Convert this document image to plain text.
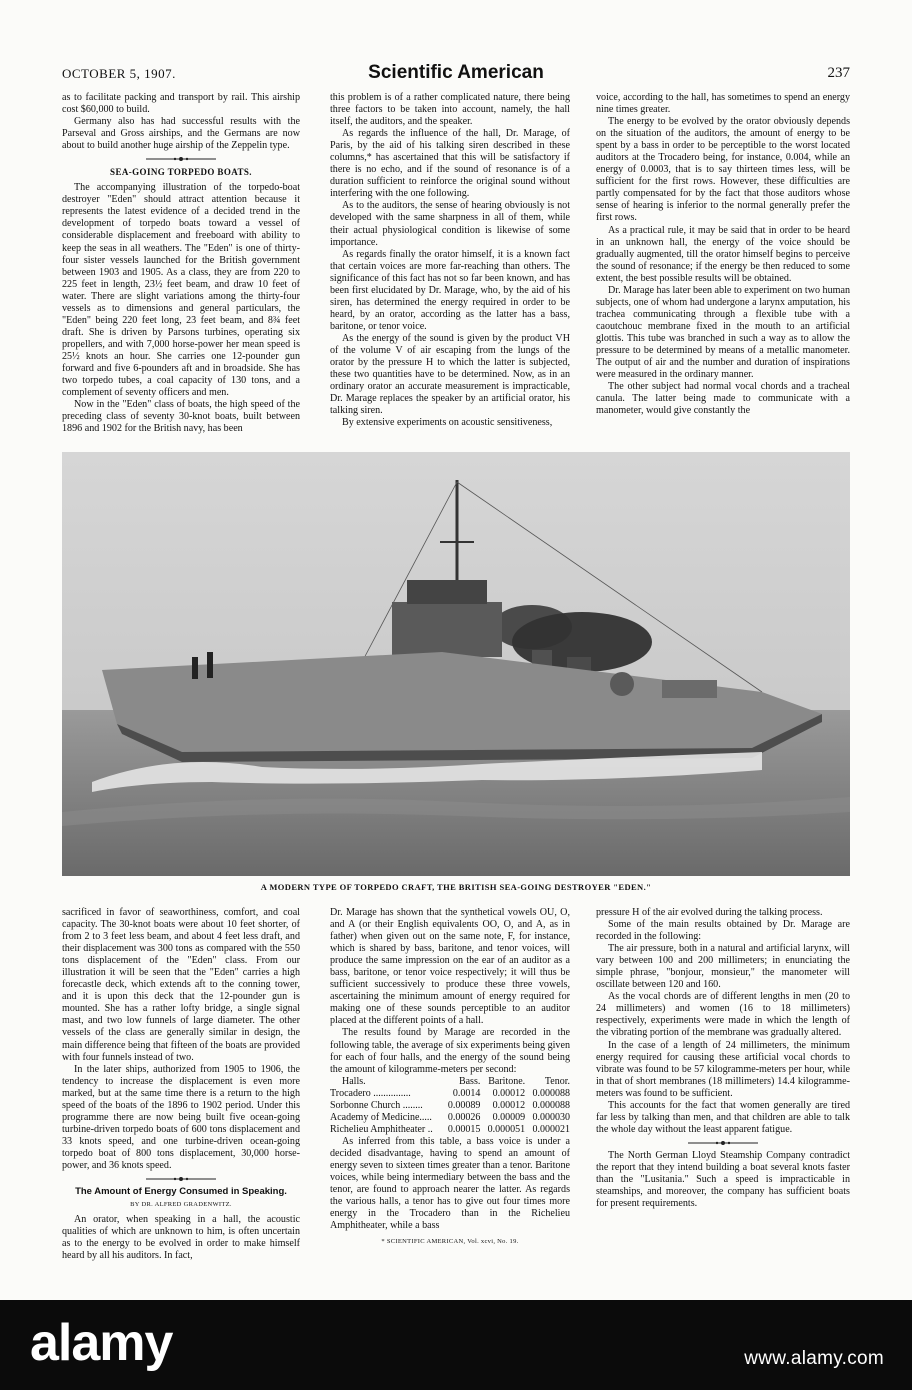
OCTOBER 5, 1907.	Scientific American	237

as to facilitate packing and transport by rail. This airship cost $60,000 to build.

Germany also has had successful results with the Parseval and Gross airships, and the Germans are now about to build another huge airship of the Zeppelin type.

SEA-GOING TORPEDO BOATS.

The accompanying illustration of the torpedo-boat destroyer "Eden" should attract attention because it represents the latest evidence of a decided trend in the development of torpedo boats toward a vessel of considerable displacement and freeboard with ability to keep the seas in all weathers. The "Eden" is one of thirty-four sister vessels launched for the British government between 1903 and 1905. As a class, they are from 220 to 225 feet in length, 23½ feet beam, and draw 10 feet of water. There are slight variations among the thirty-four vessels as to dimensions and general particulars, the "Eden" being 220 feet long, 23 feet beam, and 8¾ feet draft. She is driven by Parsons turbines, operating six propellers, and with 7,000 horse-power her mean speed is 25½ knots an hour. She carries one 12-pounder gun forward and five 6-pounders aft and in broadside. She has two torpedo tubes, a coal capacity of 130 tons, and a complement of seventy officers and men.

Now in the "Eden" class of boats, the high speed of the preceding class of seventy 30-knot boats, built between 1896 and 1902 for the British navy, has been

this problem is of a rather complicated nature, there being three factors to be taken into account, namely, the hall itself, the auditors, and the speaker.

As regards the influence of the hall, Dr. Marage, of Paris, by the aid of his talking siren described in these columns,* has ascertained that this will be satisfactory if there is no echo, and if the sound of resonance is of a duration sufficient to reinforce the original sound without interfering with the one following.

As to the auditors, the sense of hearing obviously is not developed with the same sharpness in all of them, while their actual physiological condition is likewise of some importance.

As regards finally the orator himself, it is a known fact that certain voices are more far-reaching than others. The significance of this fact has not so far been known, and has been first elucidated by Dr. Marage, who, by the aid of his siren, has determined the energy required in order to be heard, by an orator, according as the latter has a bass, baritone, or tenor voice.

As the energy of the sound is given by the product VH of the volume V of air escaping from the lungs of the orator by the pressure H to which the latter is subjected, these two quantities have to be determined. Now, as in an ordinary orator an accurate measurement is impracticable, Dr. Marage replaces the speaker by an artificial orator, his talking siren.

By extensive experiments on acoustic sensitiveness,

voice, according to the hall, has sometimes to spend an energy nine times greater.

The energy to be evolved by the orator obviously depends on the situation of the auditors, the amount of energy to be spent by a bass in order to be perceptible to the worst located auditors at the Trocadero being, for instance, 0.004, while an energy of 0.0003, that is to say thirteen times less, will be sufficient for the first rows. However, these difficulties are partly compensated for by the fact that those auditors whose sense of hearing is inferior to the normal generally prefer the first rows.

As a practical rule, it may be said that in order to be heard in an unknown hall, the energy of the voice should be gradually augmented, till the orator himself begins to perceive the sound of resonance; if the energy be then reduced to some extent, the best possible results will be obtained.

Dr. Marage has later been able to experiment on two human subjects, one of whom had undergone a larynx amputation, his trachea communicating through a flexible tube with a caoutchouc membrane fixed in the mouth to an artificial glottis. This tube was branched in such a way as to allow the pressure to be determined by means of a metallic manometer. The output of air and the number and duration of inspirations were measured in the ordinary manner.

The other subject had normal vocal chords and a tracheal canula. The latter being made to communicate with a manometer, would give constantly the

A MODERN TYPE OF TORPEDO CRAFT, THE BRITISH SEA-GOING DESTROYER "EDEN."

sacrificed in favor of seaworthiness, comfort, and coal capacity. The 30-knot boats were about 10 feet shorter, of from 2 to 3 feet less beam, and about 4 feet less draft, and their displacement was 300 tons as compared with the 550 tons displacement of the "Eden" class. From our illustration it will be seen that the "Eden" carries a high forecastle deck, which extends aft to the conning tower, and it is upon this deck that the 12-pounder gun is mounted. She has a rather lofty bridge, a single signal mast, and two low funnels of large diameter. The other vessels of the class are generally similar in design, the main difference being that fifteen of the boats are provided with four funnels instead of two.

In the later ships, authorized from 1905 to 1906, the tendency to increase the displacement is even more marked, but at the same time there is a return to the high speed of the boats of the 1896 to 1902 period. Under this programme there are now being built five ocean-going turbine-driven torpedo boats of 600 tons displacement and 33 knots speed, and one turbine-driven ocean-going torpedo boat of 800 tons displacement, 30,000 horse-power, and 36 knots speed.

The Amount of Energy Consumed in Speaking.
BY DR. ALFRED GRADENWITZ.

An orator, when speaking in a hall, the acoustic qualities of which are unknown to him, is often uncertain as to the energy to be evolved in order to make himself heard by all his auditors. In fact,

Dr. Marage has shown that the synthetical vowels OU, O, and A (or their English equivalents OO, O, and A, as in father) when given out on the same note, F, for instance, which is shared by bass, baritone, and tenor voices, will produce the same impression on the ear of an auditor as a bass, baritone, or tenor voice respectively; it will thus be sufficient successively to produce these three vowels, ascertaining the minimum amount of energy required for making one of these sounds perceptible to an auditor placed at the different points of a hall.

The results found by Marage are recorded in the following table, the average of six experiments being given for each of four halls, and the energy of the sound being the amount of kilogramme-meters per second:

Halls.	Bass.	Baritone.	Tenor.
Trocadero ...............	0.0014	0.00012	0.000088
Sorbonne Church ........	0.00089	0.00012	0.000088
Academy of Medicine.....	0.00026	0.00009	0.000030
Richelieu Amphitheater ..	0.00015	0.000051	0.000021

As inferred from this table, a bass voice is under a decided disadvantage, having to spend an amount of energy seven to sixteen times greater than a tenor. Baritone voices, while being intermediary between the bass and the tenor, are found to approach nearer the latter. As regards the various halls, a tenor has to give out four times more energy in the Trocadero than in the Richelieu Amphitheater, while a bass

* SCIENTIFIC AMERICAN, Vol. xcvi, No. 19.

pressure H of the air evolved during the talking process.

Some of the main results obtained by Dr. Marage are recorded in the following:

The air pressure, both in a natural and artificial larynx, will vary between 100 and 200 millimeters; in enunciating the simple phrase, "bonjour, monsieur," the manometer will oscillate between 120 and 160.

As the vocal chords are of different lengths in men (20 to 24 millimeters) and women (16 to 18 millimeters) respectively, experiments were made in which the length of the vibrating portion of the membrane was gradually altered.

In the case of a length of 24 millimeters, the minimum energy required for causing these artificial vocal chords to vibrate was found to be 57 kilogramme-meters per hour, while in that of short membranes (18 millimeters) 14.4 kilogramme-meters was found to be sufficient.

This accounts for the fact that women generally are tired far less by talking than men, and that children are able to talk the whole day without the least apparent fatigue.

The North German Lloyd Steamship Company contradict the report that they intend building a boat several knots faster than the "Lusitania." Such a speed is impracticable in steamships, and moreover, the company has sufficient boats for present requirements.

alamy	www.alamy.com
